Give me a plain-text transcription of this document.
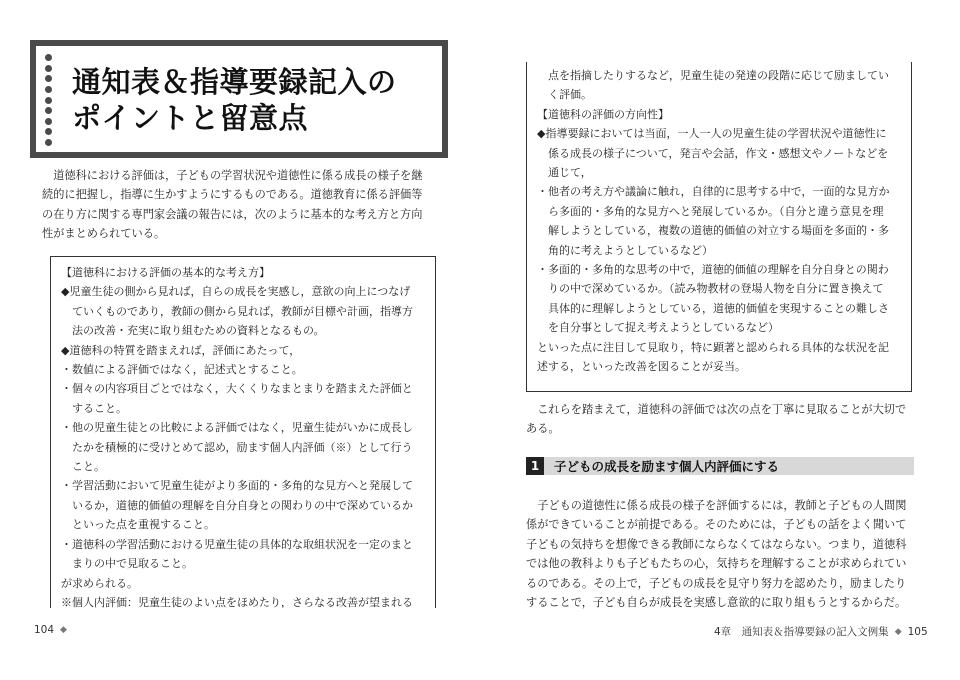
通知表＆指導要録記入の
ポイントと留意点

道徳科における評価は，子どもの学習状況や道徳性に係る成長の様子を継

続的に把握し，指導に生かすようにするものである。道徳教育に係る評価等

の在り方に関する専門家会議の報告には，次のように基本的な考え方と方向

性がまとめられている。

【道徳科における評価の基本的な考え方】
◆児童生徒の側から見れば，自らの成長を実感し，意欲の向上につなげ
ていくものであり，教師の側から見れば，教師が目標や計画，指導方
法の改善・充実に取り組むための資料となるもの。
◆道徳科の特質を踏まえれば，評価にあたって，
・数値による評価ではなく，記述式とすること。
・個々の内容項目ごとではなく，大くくりなまとまりを踏まえた評価と
すること。
・他の児童生徒との比較による評価ではなく，児童生徒がいかに成長し
たかを積極的に受けとめて認め，励ます個人内評価（※）として行う
こと。
・学習活動において児童生徒がより多面的・多角的な見方へと発展して
いるか，道徳的価値の理解を自分自身との関わりの中で深めているか
といった点を重視すること。
・道徳科の学習活動における児童生徒の具体的な取組状況を一定のまと
まりの中で見取ること。
が求められる。
※個人内評価：児童生徒のよい点をほめたり，さらなる改善が望まれる
104 ◆
点を指摘したりするなど，児童生徒の発達の段階に応じて励ましてい
く評価。
【道徳科の評価の方向性】
◆指導要録においては当面，一人一人の児童生徒の学習状況や道徳性に
係る成長の様子について，発言や会話，作文・感想文やノートなどを
通じて，
・他者の考え方や議論に触れ，自律的に思考する中で，一面的な見方か
ら多面的・多角的な見方へと発展しているか。（自分と違う意見を理
解しようとしている，複数の道徳的価値の対立する場面を多面的・多
角的に考えようとしているなど）
・多面的・多角的な思考の中で，道徳的価値の理解を自分自身との関わ
りの中で深めているか。（読み物教材の登場人物を自分に置き換えて
具体的に理解しようとしている，道徳的価値を実現することの難しさ
を自分事として捉え考えようとしているなど）
といった点に注目して見取り，特に顕著と認められる具体的な状況を記
述する，といった改善を図ることが妥当。

これらを踏まえて，道徳科の評価では次の点を丁寧に見取ることが大切で

ある。

子どもの道徳性に係る成長の様子を評価するには，教師と子どもの人間関

係ができていることが前提である。そのためには，子どもの話をよく聞いて

子どもの気持ちを想像できる教師にならなくてはならない。つまり，道徳科

では他の教科よりも子どもたちの心，気持ちを理解することが求められてい

るのである。その上で，子どもの成長を見守り努力を認めたり，励ましたり

することで，子ども自らが成長を実感し意欲的に取り組もうとするからだ。

4章　通知表＆指導要録の記入文例集 ◆ 105
1	子どもの成長を励ます個人内評価にする
